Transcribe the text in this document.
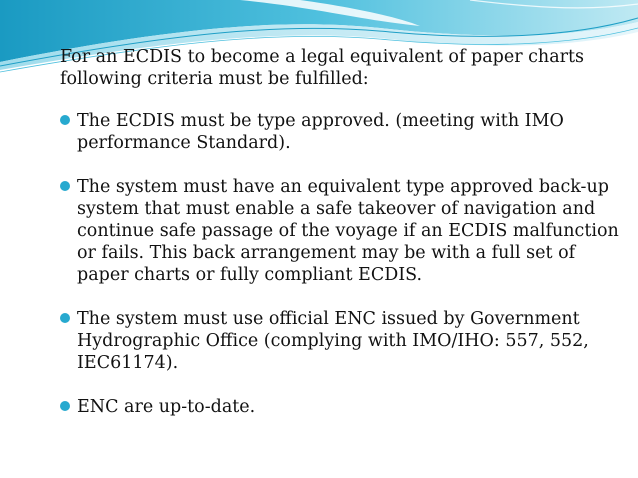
For an ECDIS to become a legal equivalent of paper charts following criteria must be fulfilled:

The ECDIS must be type approved. (meeting with IMO performance Standard).
The system must have an equivalent type approved back-up system that must enable a safe takeover of navigation and continue safe passage of the voyage if an ECDIS malfunction or fails. This back arrangement may be with a full set of paper charts or fully compliant ECDIS.
The system must use official ENC issued by Government Hydrographic Office (complying with IMO/IHO: 557, 552, IEC61174).
ENC are up-to-date.
